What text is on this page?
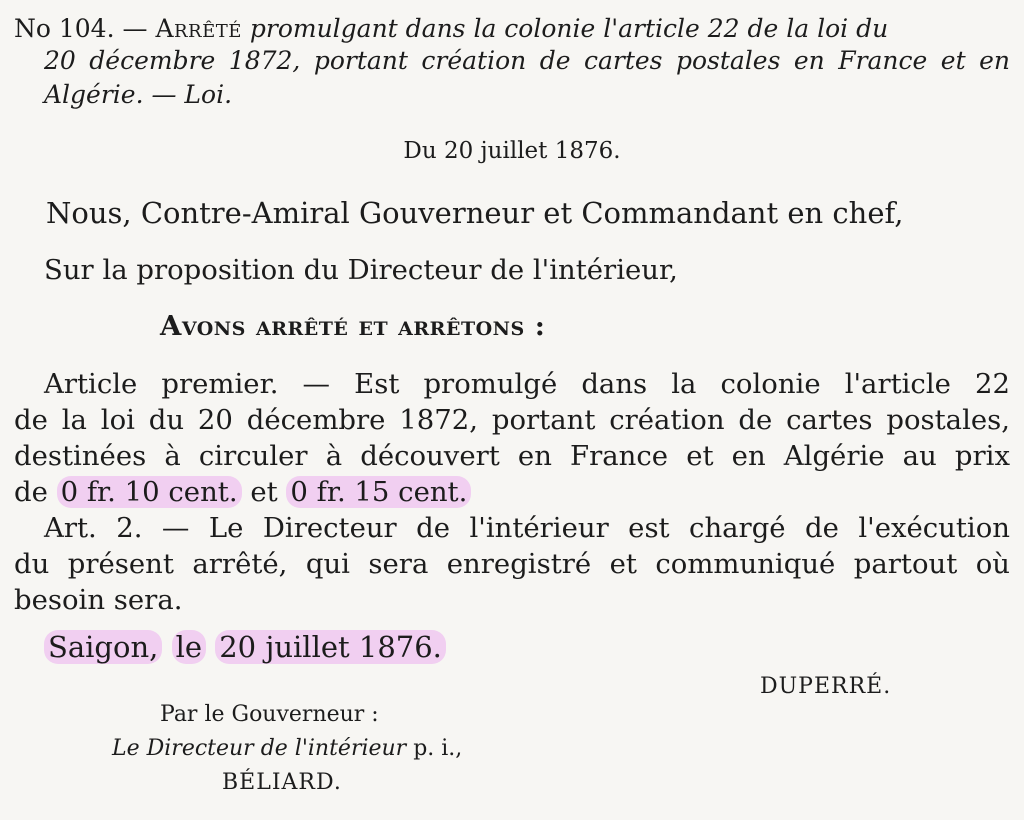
No 104. — Arrêté promulgant dans la colonie l'article 22 de la loi du
20 décembre 1872, portant création de cartes postales en France et en
Algérie. — Loi.
Du 20 juillet 1876.
Nous, Contre-Amiral Gouverneur et Commandant en chef,
Sur la proposition du Directeur de l'intérieur,
Avons arrêté et arrêtons :
Article premier. — Est promulgé dans la colonie l'article 22
de la loi du 20 décembre 1872, portant création de cartes postales,
destinées à circuler à découvert en France et en Algérie au prix
de 0 fr. 10 cent. et 0 fr. 15 cent.
Art. 2. — Le Directeur de l'intérieur est chargé de l'exécution
du présent arrêté, qui sera enregistré et communiqué partout où
besoin sera.
Saigon, le 20 juillet 1876.
DUPERRÉ.
Par le Gouverneur :
Le Directeur de l'intérieur p. i.,
BÉLIARD.
